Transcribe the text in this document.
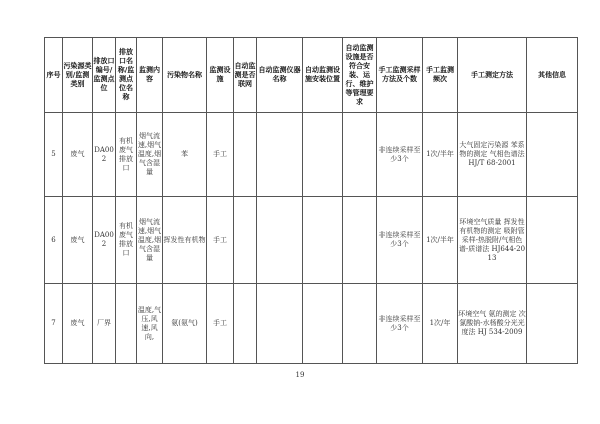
序号	污染源类别/监测类别	排放口编号/监测点位	排放口名称/监测点位名称	监测内容	污染物名称	监测设施	自动监测是否联网	自动监测仪器名称	自动监测设施安装位置	自动监测设施是否符合安装、运行、维护等管理要求	手工监测采样方法及个数	手工监测频次	手工测定方法	其他信息
5	废气	DA002	有机废气排放口	烟气流速,烟气温度,烟气含湿量	苯	手工					非连续采样至少3个	1次/半年	大气固定污染源 苯系物的测定 气相色谱法 HJ/T 68-2001	
6	废气	DA002	有机废气排放口	烟气流速,烟气温度,烟气含湿量	挥发性有机物	手工					非连续采样至少3个	1次/半年	环境空气质量 挥发性有机物的测定 吸附管采样-热脱附/气相色谱-质谱法 HJ644-2013	
7	废气	厂界		温度,气压,风速,风向,	氨(氨气)	手工					非连续采样至少3个	1次/年	环境空气 氨的测定 次氯酸钠-水杨酸分光光度法 HJ 534-2009	
19
